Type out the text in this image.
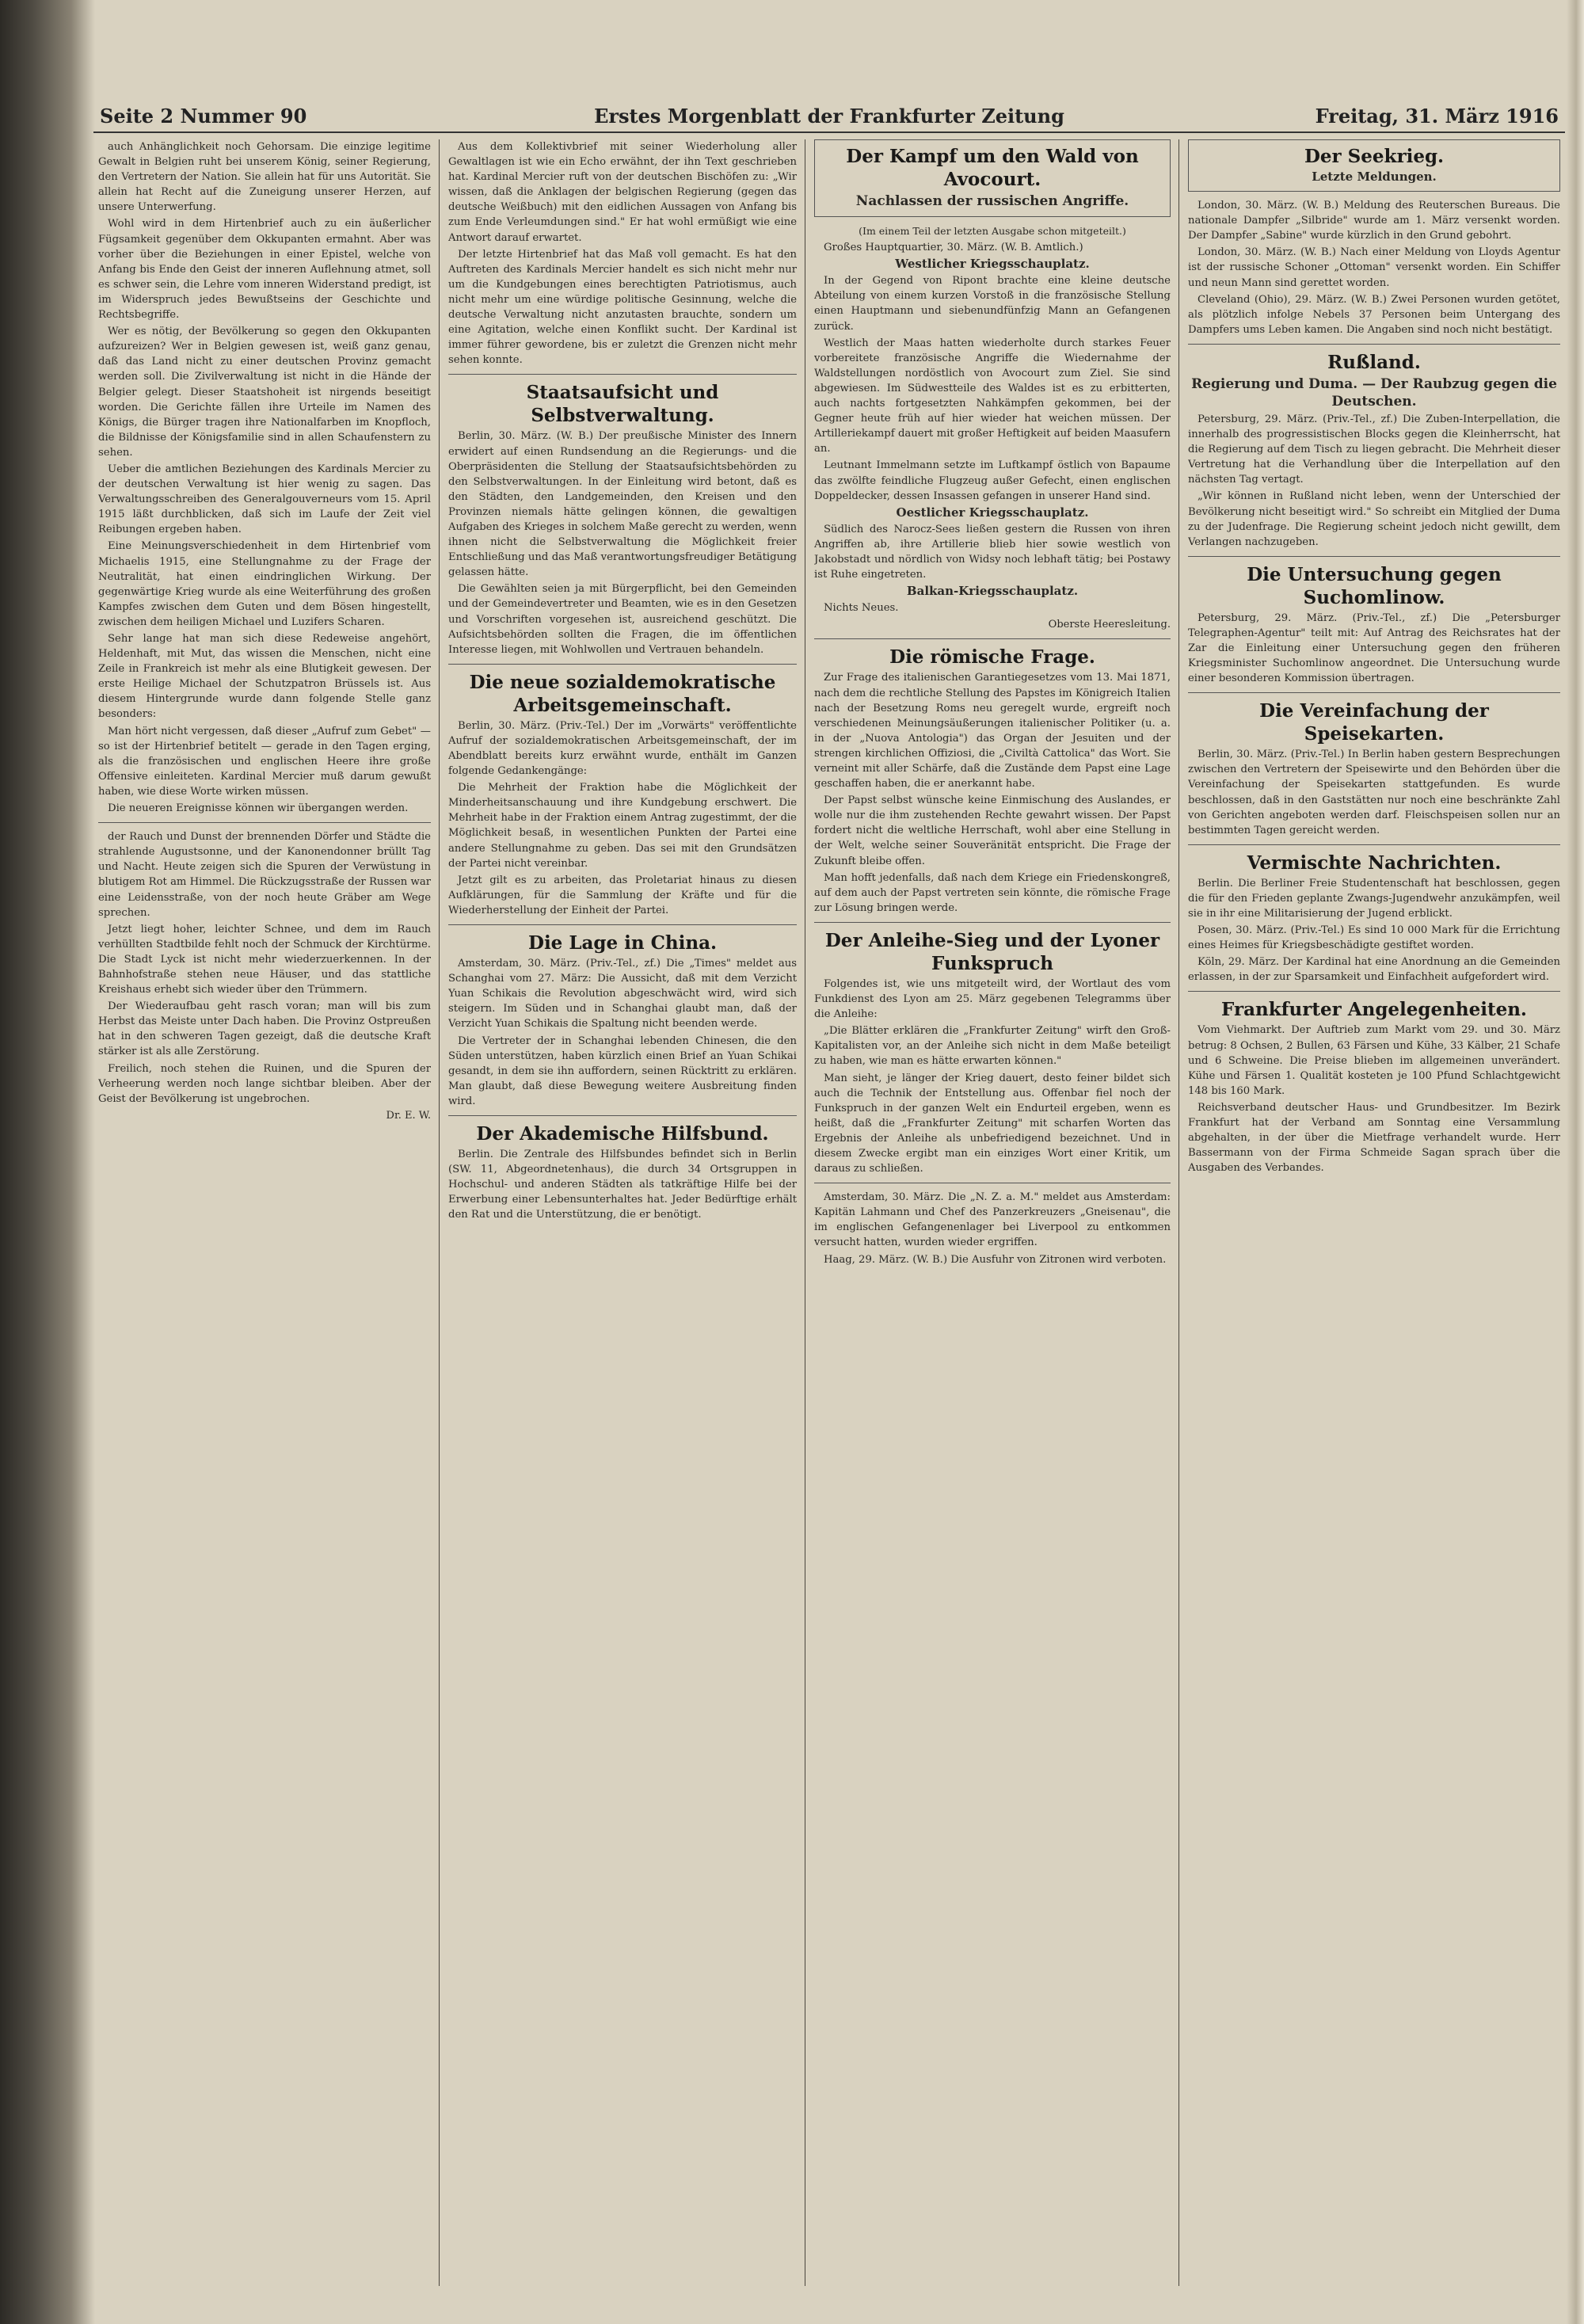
Seite 2 Nummer 90	Erstes Morgenblatt der Frankfurter Zeitung	Freitag, 31. März 1916

auch Anhänglichkeit noch Gehorsam. Die einzige legitime Gewalt in Belgien ruht bei unserem König, seiner Regierung, den Vertretern der Nation. Sie allein hat für uns Autorität. Sie allein hat Recht auf die Zuneigung unserer Herzen, auf unsere Unterwerfung.

Wohl wird in dem Hirtenbrief auch zu ein äußerlicher Fügsamkeit gegenüber dem Okkupanten ermahnt. Aber was vorher über die Beziehungen in einer Epistel, welche von Anfang bis Ende den Geist der inneren Auflehnung atmet, soll es schwer sein, die Lehre vom inneren Widerstand predigt, ist im Widerspruch jedes Bewußtseins der Geschichte und Rechtsbegriffe.

Wer es nötig, der Bevölkerung so gegen den Okkupanten aufzureizen? Wer in Belgien gewesen ist, weiß ganz genau, daß das Land nicht zu einer deutschen Provinz gemacht werden soll. Die Zivilverwaltung ist nicht in die Hände der Belgier gelegt. Dieser Staatshoheit ist nirgends beseitigt worden. Die Gerichte fällen ihre Urteile im Namen des Königs, die Bürger tragen ihre Nationalfarben im Knopfloch, die Bildnisse der Königsfamilie sind in allen Schaufenstern zu sehen.

Ueber die amtlichen Beziehungen des Kardinals Mercier zu der deutschen Verwaltung ist hier wenig zu sagen. Das Verwaltungsschreiben des Generalgouverneurs vom 15. April 1915 läßt durchblicken, daß sich im Laufe der Zeit viel Reibungen ergeben haben.

Eine Meinungsverschiedenheit in dem Hirtenbrief vom Michaelis 1915, eine Stellungnahme zu der Frage der Neutralität, hat einen eindringlichen Wirkung. Der gegenwärtige Krieg wurde als eine Weiterführung des großen Kampfes zwischen dem Guten und dem Bösen hingestellt, zwischen dem heiligen Michael und Luzifers Scharen.

Sehr lange hat man sich diese Redeweise angehört, Heldenhaft, mit Mut, das wissen die Menschen, nicht eine Zeile in Frankreich ist mehr als eine Blutigkeit gewesen. Der erste Heilige Michael der Schutzpatron Brüssels ist. Aus diesem Hintergrunde wurde dann folgende Stelle ganz besonders:

Man hört nicht vergessen, daß dieser „Aufruf zum Gebet" — so ist der Hirtenbrief betitelt — gerade in den Tagen erging, als die französischen und englischen Heere ihre große Offensive einleiteten. Kardinal Mercier muß darum gewußt haben, wie diese Worte wirken müssen.

Die neueren Ereignisse können wir übergangen werden.

der Rauch und Dunst der brennenden Dörfer und Städte die strahlende Augustsonne, und der Kanonendonner brüllt Tag und Nacht. Heute zeigen sich die Spuren der Verwüstung in blutigem Rot am Himmel. Die Rückzugsstraße der Russen war eine Leidensstraße, von der noch heute Gräber am Wege sprechen.

Jetzt liegt hoher, leichter Schnee, und dem im Rauch verhüllten Stadtbilde fehlt noch der Schmuck der Kirchtürme. Die Stadt Lyck ist nicht mehr wiederzuerkennen. In der Bahnhofstraße stehen neue Häuser, und das stattliche Kreishaus erhebt sich wieder über den Trümmern.

Der Wiederaufbau geht rasch voran; man will bis zum Herbst das Meiste unter Dach haben. Die Provinz Ostpreußen hat in den schweren Tagen gezeigt, daß die deutsche Kraft stärker ist als alle Zerstörung.

Freilich, noch stehen die Ruinen, und die Spuren der Verheerung werden noch lange sichtbar bleiben. Aber der Geist der Bevölkerung ist ungebrochen.

Dr. E. W.

Aus dem Kollektivbrief mit seiner Wiederholung aller Gewaltlagen ist wie ein Echo erwähnt, der ihn Text geschrieben hat. Kardinal Mercier ruft von der deutschen Bischöfen zu: „Wir wissen, daß die Anklagen der belgischen Regierung (gegen das deutsche Weißbuch) mit den eidlichen Aussagen von Anfang bis zum Ende Verleumdungen sind." Er hat wohl ermüßigt wie eine Antwort darauf erwartet.

Der letzte Hirtenbrief hat das Maß voll gemacht. Es hat den Auftreten des Kardinals Mercier handelt es sich nicht mehr nur um die Kundgebungen eines berechtigten Patriotismus, auch nicht mehr um eine würdige politische Gesinnung, welche die deutsche Verwaltung nicht anzutasten brauchte, sondern um eine Agitation, welche einen Konflikt sucht. Der Kardinal ist immer führer gewordene, bis er zuletzt die Grenzen nicht mehr sehen konnte.

Staatsaufsicht und Selbstverwaltung.

Berlin, 30. März. (W. B.) Der preußische Minister des Innern erwidert auf einen Rundsendung an die Regierungs- und die Oberpräsidenten die Stellung der Staatsaufsichtsbehörden zu den Selbstverwaltungen. In der Einleitung wird betont, daß es den Städten, den Landgemeinden, den Kreisen und den Provinzen niemals hätte gelingen können, die gewaltigen Aufgaben des Krieges in solchem Maße gerecht zu werden, wenn ihnen nicht die Selbstverwaltung die Möglichkeit freier Entschließung und das Maß verantwortungsfreudiger Betätigung gelassen hätte.

Die Gewählten seien ja mit Bürgerpflicht, bei den Gemeinden und der Gemeindevertreter und Beamten, wie es in den Gesetzen und Vorschriften vorgesehen ist, ausreichend geschützt. Die Aufsichtsbehörden sollten die Fragen, die im öffentlichen Interesse liegen, mit Wohlwollen und Vertrauen behandeln.

Die neue sozialdemokratische Arbeitsgemeinschaft.

Berlin, 30. März. (Priv.-Tel.) Der im „Vorwärts" veröffentlichte Aufruf der sozialdemokratischen Arbeitsgemeinschaft, der im Abendblatt bereits kurz erwähnt wurde, enthält im Ganzen folgende Gedankengänge:

Die Mehrheit der Fraktion habe die Möglichkeit der Minderheitsanschauung und ihre Kundgebung erschwert. Die Mehrheit habe in der Fraktion einem Antrag zugestimmt, der die Möglichkeit besaß, in wesentlichen Punkten der Partei eine andere Stellungnahme zu geben. Das sei mit den Grundsätzen der Partei nicht vereinbar.

Jetzt gilt es zu arbeiten, das Proletariat hinaus zu diesen Aufklärungen, für die Sammlung der Kräfte und für die Wiederherstellung der Einheit der Partei.

Die Lage in China.

Amsterdam, 30. März. (Priv.-Tel., zf.) Die „Times" meldet aus Schanghai vom 27. März: Die Aussicht, daß mit dem Verzicht Yuan Schikais die Revolution abgeschwächt wird, wird sich steigern. Im Süden und in Schanghai glaubt man, daß der Verzicht Yuan Schikais die Spaltung nicht beenden werde.

Die Vertreter der in Schanghai lebenden Chinesen, die den Süden unterstützen, haben kürzlich einen Brief an Yuan Schikai gesandt, in dem sie ihn auffordern, seinen Rücktritt zu erklären. Man glaubt, daß diese Bewegung weitere Ausbreitung finden wird.

Der Akademische Hilfsbund.

Berlin. Die Zentrale des Hilfsbundes befindet sich in Berlin (SW. 11, Abgeordnetenhaus), die durch 34 Ortsgruppen in Hochschul- und anderen Städten als tatkräftige Hilfe bei der Erwerbung einer Lebensunterhaltes hat. Jeder Bedürftige erhält den Rat und die Unterstützung, die er benötigt.

Der Kampf um den Wald von Avocourt.

Nachlassen der russischen Angriffe.

(Im einem Teil der letzten Ausgabe schon mitgeteilt.)

Großes Hauptquartier, 30. März. (W. B. Amtlich.)

Westlicher Kriegsschauplatz.

In der Gegend von Ripont brachte eine kleine deutsche Abteilung von einem kurzen Vorstoß in die französische Stellung einen Hauptmann und siebenundfünfzig Mann an Gefangenen zurück.

Westlich der Maas hatten wiederholte durch starkes Feuer vorbereitete französische Angriffe die Wiedernahme der Waldstellungen nordöstlich von Avocourt zum Ziel. Sie sind abgewiesen. Im Südwestteile des Waldes ist es zu erbitterten, auch nachts fortgesetzten Nahkämpfen gekommen, bei der Gegner heute früh auf hier wieder hat weichen müssen. Der Artilleriekampf dauert mit großer Heftigkeit auf beiden Maasufern an.

Leutnant Immelmann setzte im Luftkampf östlich von Bapaume das zwölfte feindliche Flugzeug außer Gefecht, einen englischen Doppeldecker, dessen Insassen gefangen in unserer Hand sind.

Oestlicher Kriegsschauplatz.

Südlich des Narocz-Sees ließen gestern die Russen von ihren Angriffen ab, ihre Artillerie blieb hier sowie westlich von Jakobstadt und nördlich von Widsy noch lebhaft tätig; bei Postawy ist Ruhe eingetreten.

Balkan-Kriegsschauplatz.

Nichts Neues.

Oberste Heeresleitung.

Die römische Frage.

Zur Frage des italienischen Garantiegesetzes vom 13. Mai 1871, nach dem die rechtliche Stellung des Papstes im Königreich Italien nach der Besetzung Roms neu geregelt wurde, ergreift noch verschiedenen Meinungsäußerungen italienischer Politiker (u. a. in der „Nuova Antologia") das Organ der Jesuiten und der strengen kirchlichen Offiziosi, die „Civiltà Cattolica" das Wort. Sie verneint mit aller Schärfe, daß die Zustände dem Papst eine Lage geschaffen haben, die er anerkannt habe.

Der Papst selbst wünsche keine Einmischung des Auslandes, er wolle nur die ihm zustehenden Rechte gewahrt wissen. Der Papst fordert nicht die weltliche Herrschaft, wohl aber eine Stellung in der Welt, welche seiner Souveränität entspricht. Die Frage der Zukunft bleibe offen.

Man hofft jedenfalls, daß nach dem Kriege ein Friedenskongreß, auf dem auch der Papst vertreten sein könnte, die römische Frage zur Lösung bringen werde.

Der Anleihe-Sieg und der Lyoner Funkspruch

Folgendes ist, wie uns mitgeteilt wird, der Wortlaut des vom Funkdienst des Lyon am 25. März gegebenen Telegramms über die Anleihe:

„Die Blätter erklären die „Frankfurter Zeitung" wirft den Groß-Kapitalisten vor, an der Anleihe sich nicht in dem Maße beteiligt zu haben, wie man es hätte erwarten können."

Man sieht, je länger der Krieg dauert, desto feiner bildet sich auch die Technik der Entstellung aus. Offenbar fiel noch der Funkspruch in der ganzen Welt ein Endurteil ergeben, wenn es heißt, daß die „Frankfurter Zeitung" mit scharfen Worten das Ergebnis der Anleihe als unbefriedigend bezeichnet. Und in diesem Zwecke ergibt man ein einziges Wort einer Kritik, um daraus zu schließen.

Amsterdam, 30. März. Die „N. Z. a. M." meldet aus Amsterdam: Kapitän Lahmann und Chef des Panzerkreuzers „Gneisenau", die im englischen Gefangenenlager bei Liverpool zu entkommen versucht hatten, wurden wieder ergriffen.

Haag, 29. März. (W. B.) Die Ausfuhr von Zitronen wird verboten.

Der Seekrieg.

Letzte Meldungen.

London, 30. März. (W. B.) Meldung des Reuterschen Bureaus. Die nationale Dampfer „Silbride" wurde am 1. März versenkt worden. Der Dampfer „Sabine" wurde kürzlich in den Grund gebohrt.

London, 30. März. (W. B.) Nach einer Meldung von Lloyds Agentur ist der russische Schoner „Ottoman" versenkt worden. Ein Schiffer und neun Mann sind gerettet worden.

Cleveland (Ohio), 29. März. (W. B.) Zwei Personen wurden getötet, als plötzlich infolge Nebels 37 Personen beim Untergang des Dampfers ums Leben kamen. Die Angaben sind noch nicht bestätigt.

Rußland.

Regierung und Duma. — Der Raubzug gegen die Deutschen.

Petersburg, 29. März. (Priv.-Tel., zf.) Die Zuben-Interpellation, die innerhalb des progressistischen Blocks gegen die Kleinherrscht, hat die Regierung auf dem Tisch zu liegen gebracht. Die Mehrheit dieser Vertretung hat die Verhandlung über die Interpellation auf den nächsten Tag vertagt.

„Wir können in Rußland nicht leben, wenn der Unterschied der Bevölkerung nicht beseitigt wird." So schreibt ein Mitglied der Duma zu der Judenfrage. Die Regierung scheint jedoch nicht gewillt, dem Verlangen nachzugeben.

Die Untersuchung gegen Suchomlinow.

Petersburg, 29. März. (Priv.-Tel., zf.) Die „Petersburger Telegraphen-Agentur" teilt mit: Auf Antrag des Reichsrates hat der Zar die Einleitung einer Untersuchung gegen den früheren Kriegsminister Suchomlinow angeordnet. Die Untersuchung wurde einer besonderen Kommission übertragen.

Die Vereinfachung der Speisekarten.

Berlin, 30. März. (Priv.-Tel.) In Berlin haben gestern Besprechungen zwischen den Vertretern der Speisewirte und den Behörden über die Vereinfachung der Speisekarten stattgefunden. Es wurde beschlossen, daß in den Gaststätten nur noch eine beschränkte Zahl von Gerichten angeboten werden darf. Fleischspeisen sollen nur an bestimmten Tagen gereicht werden.

Vermischte Nachrichten.

Berlin. Die Berliner Freie Studentenschaft hat beschlossen, gegen die für den Frieden geplante Zwangs-Jugendwehr anzukämpfen, weil sie in ihr eine Militarisierung der Jugend erblickt.

Posen, 30. März. (Priv.-Tel.) Es sind 10 000 Mark für die Errichtung eines Heimes für Kriegsbeschädigte gestiftet worden.

Köln, 29. März. Der Kardinal hat eine Anordnung an die Gemeinden erlassen, in der zur Sparsamkeit und Einfachheit aufgefordert wird.

Frankfurter Angelegenheiten.

Vom Viehmarkt. Der Auftrieb zum Markt vom 29. und 30. März betrug: 8 Ochsen, 2 Bullen, 63 Färsen und Kühe, 33 Kälber, 21 Schafe und 6 Schweine. Die Preise blieben im allgemeinen unverändert. Kühe und Färsen 1. Qualität kosteten je 100 Pfund Schlachtgewicht 148 bis 160 Mark.

Reichsverband deutscher Haus- und Grundbesitzer. Im Bezirk Frankfurt hat der Verband am Sonntag eine Versammlung abgehalten, in der über die Mietfrage verhandelt wurde. Herr Bassermann von der Firma Schmeide Sagan sprach über die Ausgaben des Verbandes.
